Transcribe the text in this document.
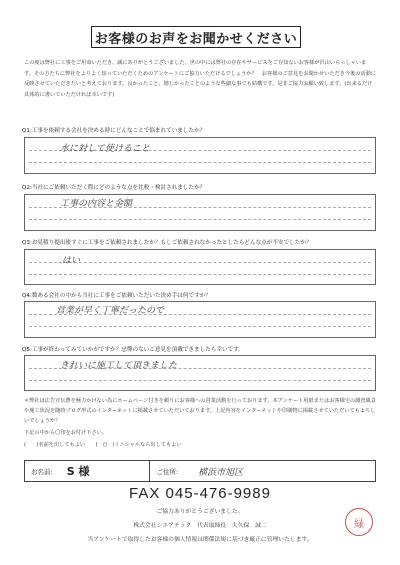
お客様のお声をお聞かせください
この度は弊社に工事をご用命いただき、誠にありがとうございました。世の中には弊社の存在やサービスをご存知ないお客様が沢山いらっしゃいます。その方たちに弊社をよりよく知っていただくためのアンケートにご協力いただけるでしょうか？　お客様のご意見をお聞かせいただき今後の活動に反映させていただきたいと考えております。良かったこと、嬉しかったことのような些細な事でも結構です。是非ご協力お願い致します。(出来るだけ具体的に書いていただければ幸いです)
Q1:工事を依頼する会社を決める時にどんなことで悩まれていましたか？
水に対して使けること
Q2:当社にご依頼いただく際にどのような点を比較・検討されましたか？
工事の内容と金額
Q3:お見積り提出後すぐに工事をご依頼されましたか？もしご依頼されなかったとしたらどんな点が不安でしたか？
はい
Q4:数ある会社の中から当社に工事をご依頼いただいた決め手は何ですか？
営業が早く丁寧だったので
Q5:工事が終わってみていかがですか？忌憚のないご意見を頂戴できましたら幸いです。
きれいに施工して頂きました
＊弊社は広告宣伝費を極力かけない為にホームページ付きを頼りにお客様への営業活動を行っております。本アンケート用紙またはお客様宅の調査風景や施工状況を随時ブログ形式のインターネットに掲載させていただいております。上記内容をインターネットや印刷物に掲載させていただいてもよろしいでしょうか？
下記の中から〇印をお付け下さい。
(　　)名前を出してもよい　　(　○　)イニシャルなら出してもよい
お名前: S 様	ご住所: 横浜市旭区
FAX 045-476-9989
ご協力ありがとうございました。
株式会社シエアテック　代表取締役　大久保　誠二
当アンケートで取得したお客様の個人情報は関係法規に基づき厳正に管理いたします。
緑
